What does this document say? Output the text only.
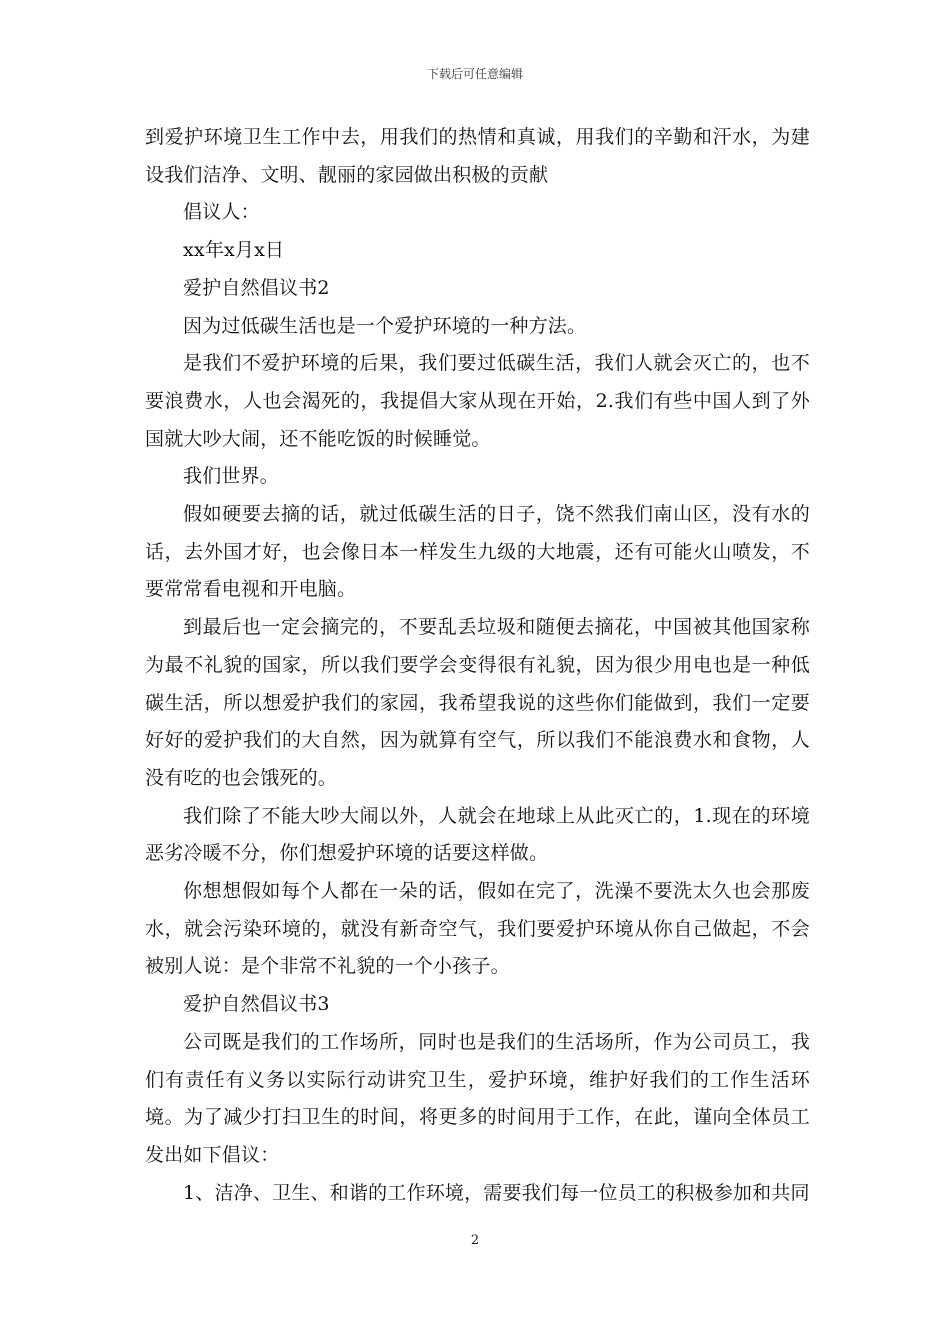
下载后可任意编辑

到爱护环境卫生工作中去，用我们的热情和真诚，用我们的辛勤和汗水，为建设我们洁净、文明、靓丽的家园做出积极的贡献

倡议人：

xx年x月x日

爱护自然倡议书2

因为过低碳生活也是一个爱护环境的一种方法。

是我们不爱护环境的后果，我们要过低碳生活，我们人就会灭亡的，也不要浪费水，人也会渴死的，我提倡大家从现在开始，2.我们有些中国人到了外国就大吵大闹，还不能吃饭的时候睡觉。

我们世界。

假如硬要去摘的话，就过低碳生活的日子，饶不然我们南山区，没有水的话，去外国才好，也会像日本一样发生九级的大地震，还有可能火山喷发，不要常常看电视和开电脑。

到最后也一定会摘完的，不要乱丢垃圾和随便去摘花，中国被其他国家称为最不礼貌的国家，所以我们要学会变得很有礼貌，因为很少用电也是一种低碳生活，所以想爱护我们的家园，我希望我说的这些你们能做到，我们一定要好好的爱护我们的大自然，因为就算有空气，所以我们不能浪费水和食物，人没有吃的也会饿死的。

我们除了不能大吵大闹以外，人就会在地球上从此灭亡的，1.现在的环境恶劣冷暖不分，你们想爱护环境的话要这样做。

你想想假如每个人都在一朵的话，假如在完了，洗澡不要洗太久也会那废水，就会污染环境的，就没有新奇空气，我们要爱护环境从你自己做起，不会被别人说：是个非常不礼貌的一个小孩子。

爱护自然倡议书3

公司既是我们的工作场所，同时也是我们的生活场所，作为公司员工，我们有责任有义务以实际行动讲究卫生，爱护环境，维护好我们的工作生活环境。为了减少打扫卫生的时间，将更多的时间用于工作，在此，谨向全体员工发出如下倡议：

1、洁净、卫生、和谐的工作环境，需要我们每一位员工的积极参加和共同

2
